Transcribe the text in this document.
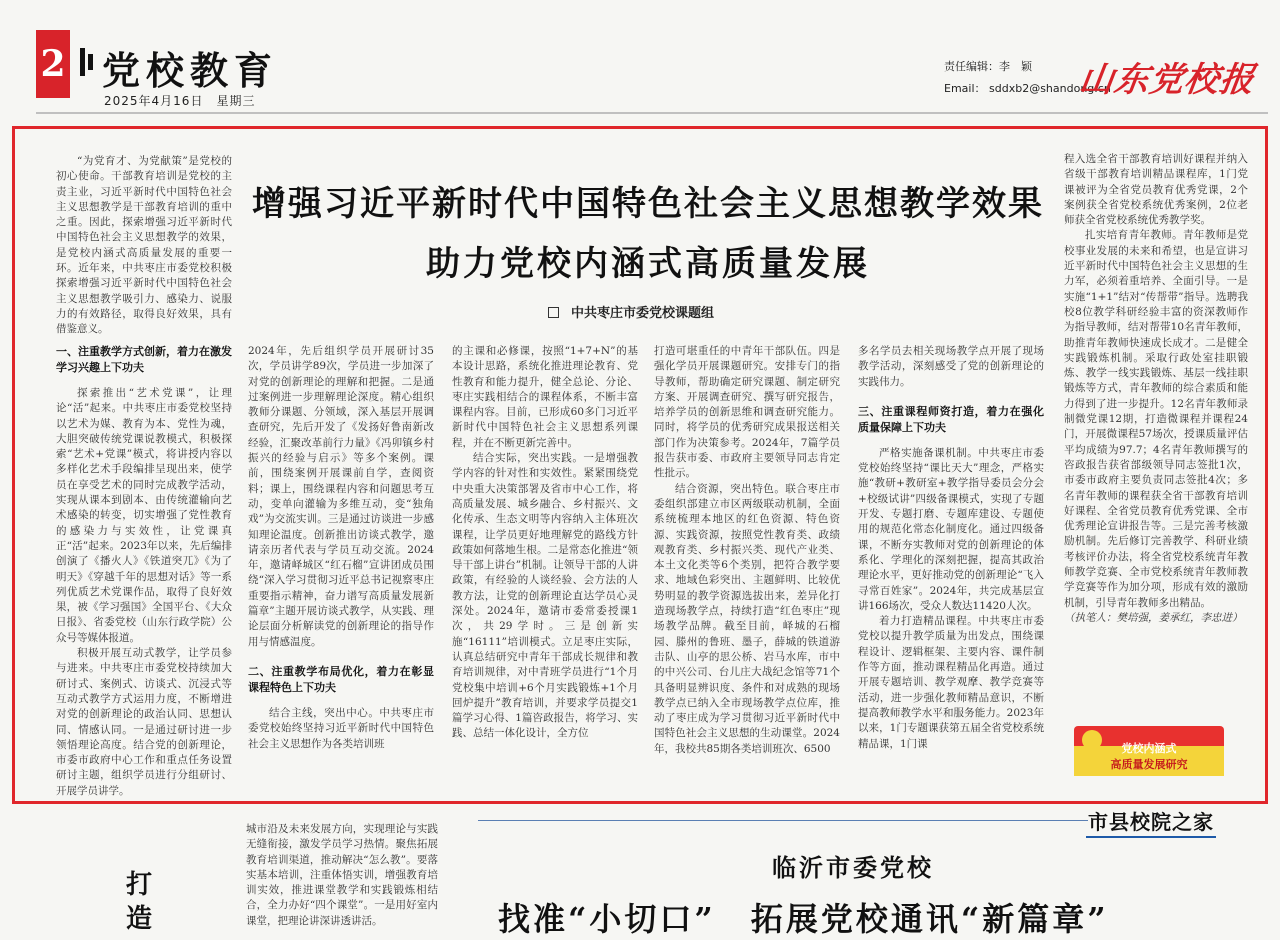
2 党校教育
2025年4月16日　星期三
责任编辑：李　颖
Email： sddxb2@shandong.cn
山东党校报

“为党育才、为党献策”是党校的初心使命。干部教育培训是党校的主责主业，习近平新时代中国特色社会主义思想教学是干部教育培训的重中之重。因此，探索增强习近平新时代中国特色社会主义思想教学的效果，是党校内涵式高质量发展的重要一环。近年来，中共枣庄市委党校积极探索增强习近平新时代中国特色社会主义思想教学吸引力、感染力、说服力的有效路径，取得良好效果，具有借鉴意义。

增强习近平新时代中国特色社会主义思想教学效果
助力党校内涵式高质量发展
中共枣庄市委党校课题组
一、注重教学方式创新，着力在激发学习兴趣上下功夫

探索推出“艺术党课”，让理论“活”起来。中共枣庄市委党校坚持以艺术为媒、教育为本、党性为魂，大胆突破传统党课说教模式，积极探索“艺术+党课”模式，将讲授内容以多样化艺术手段编排呈现出来，使学员在享受艺术的同时完成教学活动，实现从课本到剧本、由传统灌输向艺术感染的转变，切实增强了党性教育的感染力与实效性，让党课真正“活”起来。2023年以来，先后编排创演了《播火人》《铁道突兀》《为了明天》《穿越千年的思想对话》等一系列优质艺术党课作品，取得了良好效果，被《学习强国》全国平台、《大众日报》、省委党校（山东行政学院）公众号等媒体报道。

积极开展互动式教学，让学员参与进来。中共枣庄市委党校持续加大研讨式、案例式、访谈式、沉浸式等互动式教学方式运用力度，不断增进对党的创新理论的政治认同、思想认同、情感认同。一是通过研讨进一步领悟理论高度。结合党的创新理论，市委市政府中心工作和重点任务设置研讨主题，组织学员进行分组研讨、开展学员讲学。

2024年，先后组织学员开展研讨35次，学员讲学89次，学员进一步加深了对党的创新理论的理解和把握。二是通过案例进一步理解理论深度。精心组织教师分课题、分领域，深入基层开展调查研究，先后开发了《发扬好鲁南新改经验，汇聚改革前行力量》《冯卯镇乡村振兴的经验与启示》等多个案例。课前，围绕案例开展课前自学，查阅资料；课上，围绕课程内容和问题思考互动，变单向灌输为多维互动，变“独角戏”为交流实训。三是通过访谈进一步感知理论温度。创新推出访谈式教学，邀请亲历者代表与学员互动交流。2024年，邀请峄城区“红石榴”宣讲团成员围绕“深入学习贯彻习近平总书记视察枣庄重要指示精神，奋力谱写高质量发展新篇章”主题开展访谈式教学，从实践、理论层面分析解读党的创新理论的指导作用与情感温度。

二、注重教学布局优化，着力在彰显课程特色上下功夫

结合主线，突出中心。中共枣庄市委党校始终坚持习近平新时代中国特色社会主义思想作为各类培训班

的主课和必修课，按照“1+7+N”的基本设计思路，系统化推进理论教育、党性教育和能力提升，健全总论、分论、枣庄实践相结合的课程体系，不断丰富课程内容。目前，已形成60多门习近平新时代中国特色社会主义思想系列课程，并在不断更新完善中。

结合实际，突出实践。一是增强教学内容的针对性和实效性。紧紧围绕党中央重大决策部署及省市中心工作，将高质量发展、城乡融合、乡村振兴、文化传承、生态文明等内容纳入主体班次课程，让学员更好地理解党的路线方针政策如何落地生根。二是常态化推进“领导干部上讲台”机制。让领导干部的人讲政策，有经验的人谈经验、会方法的人教方法，让党的创新理论直达学员心灵深处。2024年，邀请市委常委授课1次，共29学时。三是创新实施“16111”培训模式。立足枣庄实际，认真总结研究中青年干部成长规律和教育培训规律，对中青班学员进行“1个月党校集中培训+6个月实践锻炼+1个月回炉提升”教育培训，并要求学员提交1篇学习心得、1篇咨政报告，将学习、实践、总结一体化设计，全方位

打造可堪重任的中青年干部队伍。四是强化学员开展课题研究。安排专门的指导教师，帮助确定研究课题、制定研究方案、开展调查研究、撰写研究报告，培养学员的创新思维和调查研究能力。同时，将学员的优秀研究成果报送相关部门作为决策参考。2024年，7篇学员报告获市委、市政府主要领导同志肯定性批示。

结合资源，突出特色。联合枣庄市委组织部建立市区两级联动机制，全面系统梳理本地区的红色资源、特色资源、实践资源，按照党性教育类、政绩观教育类、乡村振兴类、现代产业类、本土文化类等6个类别，把符合教学要求、地域色彩突出、主题鲜明、比较优势明显的教学资源选拔出来，差异化打造现场教学点，持续打造“红色枣庄”现场教学品牌。截至目前，峄城的石榴园、滕州的鲁班、墨子，薛城的铁道游击队、山亭的思公桥、岩马水库，市中的中兴公司、台儿庄大战纪念馆等71个具备明显辨识度、条件和对成熟的现场教学点已纳入全市现场教学点位库，推动了枣庄成为学习贯彻习近平新时代中国特色社会主义思想的生动课堂。2024年，我校共85期各类培训班次、6500

多名学员去相关现场教学点开展了现场教学活动，深刻感受了党的创新理论的实践伟力。

三、注重课程师资打造，着力在强化质量保障上下功夫

严格实施备课机制。中共枣庄市委党校始终坚持“课比天大”理念，严格实施“教研+教研室+教学指导委员会分会+校级试讲”四级备课模式，实现了专题开发、专题打磨、专题库建设、专题使用的规范化常态化制度化。通过四级备课，不断夯实教师对党的创新理论的体系化、学理化的深刻把握，提高其政治理论水平，更好推动党的创新理论“飞入寻常百姓家”。2024年，共完成基层宣讲166场次，受众人数达11420人次。

着力打造精品课程。中共枣庄市委党校以提升教学质量为出发点，围绕课程设计、逻辑框架、主要内容、课件制作等方面，推动课程精品化再造。通过开展专题培训、教学观摩、教学竞赛等活动，进一步强化教师精品意识，不断提高教师教学水平和服务能力。2023年以来，1门专题课获第五届全省党校系统精品课，1门课

程入选全省干部教育培训好课程并纳入省级干部教育培训精品课程库，1门党课被评为全省党员教育优秀党课，2个案例获全省党校系统优秀案例，2位老师获全省党校系统优秀教学奖。

扎实培育青年教师。青年教师是党校事业发展的未来和希望，也是宣讲习近平新时代中国特色社会主义思想的生力军，必须着重培养、全面引导。一是实施“1+1”结对“传帮带”指导。选聘我校8位教学科研经验丰富的资深教师作为指导教师，结对帮带10名青年教师，助推青年教师快速成长成才。二是健全实践锻炼机制。采取行政处室挂职锻炼、教学一线实践锻炼、基层一线挂职锻炼等方式，青年教师的综合素质和能力得到了进一步提升。12名青年教师录制微党课12期，打造微课程并课程24门，开展微课程57场次，授课质量评估平均成绩为97.7；4名青年教师撰写的咨政报告获省部级领导同志签批1次，市委市政府主要负责同志签批4次；多名青年教师的课程获全省干部教育培训好课程、全省党员教育优秀党课、全市优秀理论宣讲报告等。三是完善考核激励机制。先后修订完善教学、科研业绩考核评价办法，将全省党校系统青年教师教学竞赛、全市党校系统青年教师教学竞赛等作为加分项，形成有效的激励机制，引导青年教师多出精品。

（执笔人：樊培强，姜承红，李忠进）

党校内涵式
高质量发展研究
市县校院之家
打造

城市沿及未来发展方向，实现理论与实践无缝衔接，激发学员学习热情。聚焦拓展教育培训渠道，推动解决“怎么教”。要落实基本培训，注重体悟实训，增强教育培训实效，推进课堂教学和实践锻炼相结合，全力办好“四个课堂”。一是用好室内课堂，把理论讲深讲透讲活。

临沂市委党校
找准“小切口”　 拓展党校通讯“新篇章”
